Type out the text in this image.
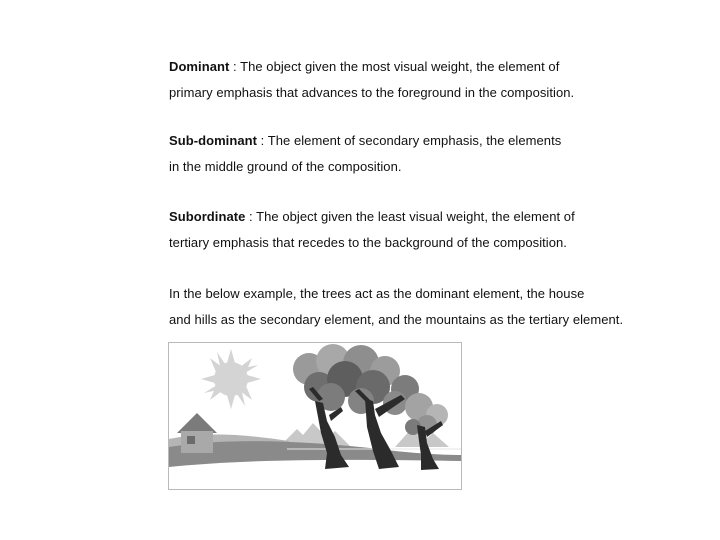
Dominant : The object given the most visual weight, the element of
primary emphasis that advances to the foreground in the composition.
Sub-dominant : The element of secondary emphasis, the elements
in the middle ground of the composition.
Subordinate : The object given the least visual weight, the element of
tertiary emphasis that recedes to the background of the composition.
In the below example, the trees act as the dominant element, the house
and hills as the secondary element, and the mountains as the tertiary element.
